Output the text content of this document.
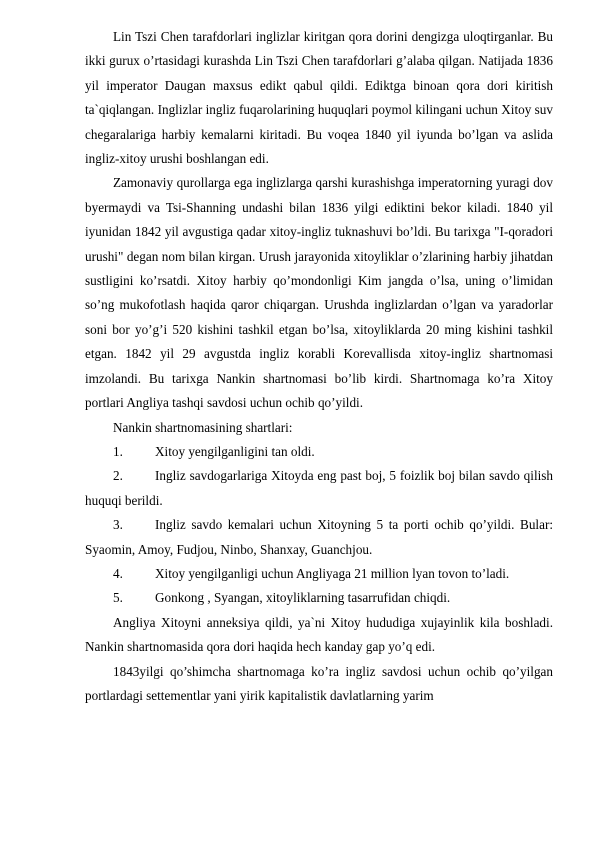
Lin Tszi Chen tarafdorlari inglizlar kiritgan qora dorini dengizga uloqtirganlar. Bu ikki gurux o’rtasidagi kurashda Lin Tszi Chen tarafdorlari g’alaba qilgan. Natijada 1836 yil imperator Daugan maxsus edikt qabul qildi. Ediktga binoan qora dori kiritish ta`qiqlangan. Inglizlar ingliz fuqarolarining huquqlari poymol kilingani uchun Xitoy suv chegaralariga harbiy kemalarni kiritadi. Bu voqea 1840 yil iyunda bo’lgan va aslida ingliz-xitoy urushi boshlangan edi.

Zamonaviy qurollarga ega inglizlarga qarshi kurashishga imperatorning yuragi dov byermaydi va Tsi-Shanning undashi bilan 1836 yilgi ediktini bekor kiladi. 1840 yil iyunidan 1842 yil avgustiga qadar xitoy-ingliz tuknashuvi bo’ldi. Bu tarixga "I-qoradori urushi" degan nom bilan kirgan. Urush jarayonida xitoyliklar o’zlarining harbiy jihatdan sustligini ko’rsatdi. Xitoy harbiy qo’mondonligi Kim jangda o’lsa, uning o’limidan so’ng mukofotlash haqida qaror chiqargan. Urushda inglizlardan o’lgan va yaradorlar soni bor yo’g’i 520 kishini tashkil etgan bo’lsa, xitoyliklarda 20 ming kishini tashkil etgan. 1842 yil 29 avgustda ingliz korabli Korevallisda xitoy-ingliz shartnomasi imzolandi. Bu tarixga Nankin shartnomasi bo’lib kirdi. Shartnomaga ko’ra Xitoy portlari Angliya tashqi savdosi uchun ochib qo’yildi.

Nankin shartnomasining shartlari:

1. Xitoy yengilganligini tan oldi.

2. Ingliz savdogarlariga Xitoyda eng past boj, 5 foizlik boj bilan savdo qilish huquqi berildi.

3. Ingliz savdo kemalari uchun Xitoyning 5 ta porti ochib qo’yildi. Bular: Syaomin, Amoy, Fudjou, Ninbo, Shanxay, Guanchjou.

4. Xitoy yengilganligi uchun Angliyaga 21 million lyan tovon to’ladi.

5. Gonkong , Syangan, xitoyliklarning tasarrufidan chiqdi.

Angliya Xitoyni anneksiya qildi, ya`ni Xitoy hududiga xujayinlik kila boshladi. Nankin shartnomasida qora dori haqida hech kanday gap yo’q edi.

1843yilgi qo’shimcha shartnomaga ko’ra ingliz savdosi uchun ochib qo’yilgan portlardagi settementlar yani yirik kapitalistik davlatlarning yarim
